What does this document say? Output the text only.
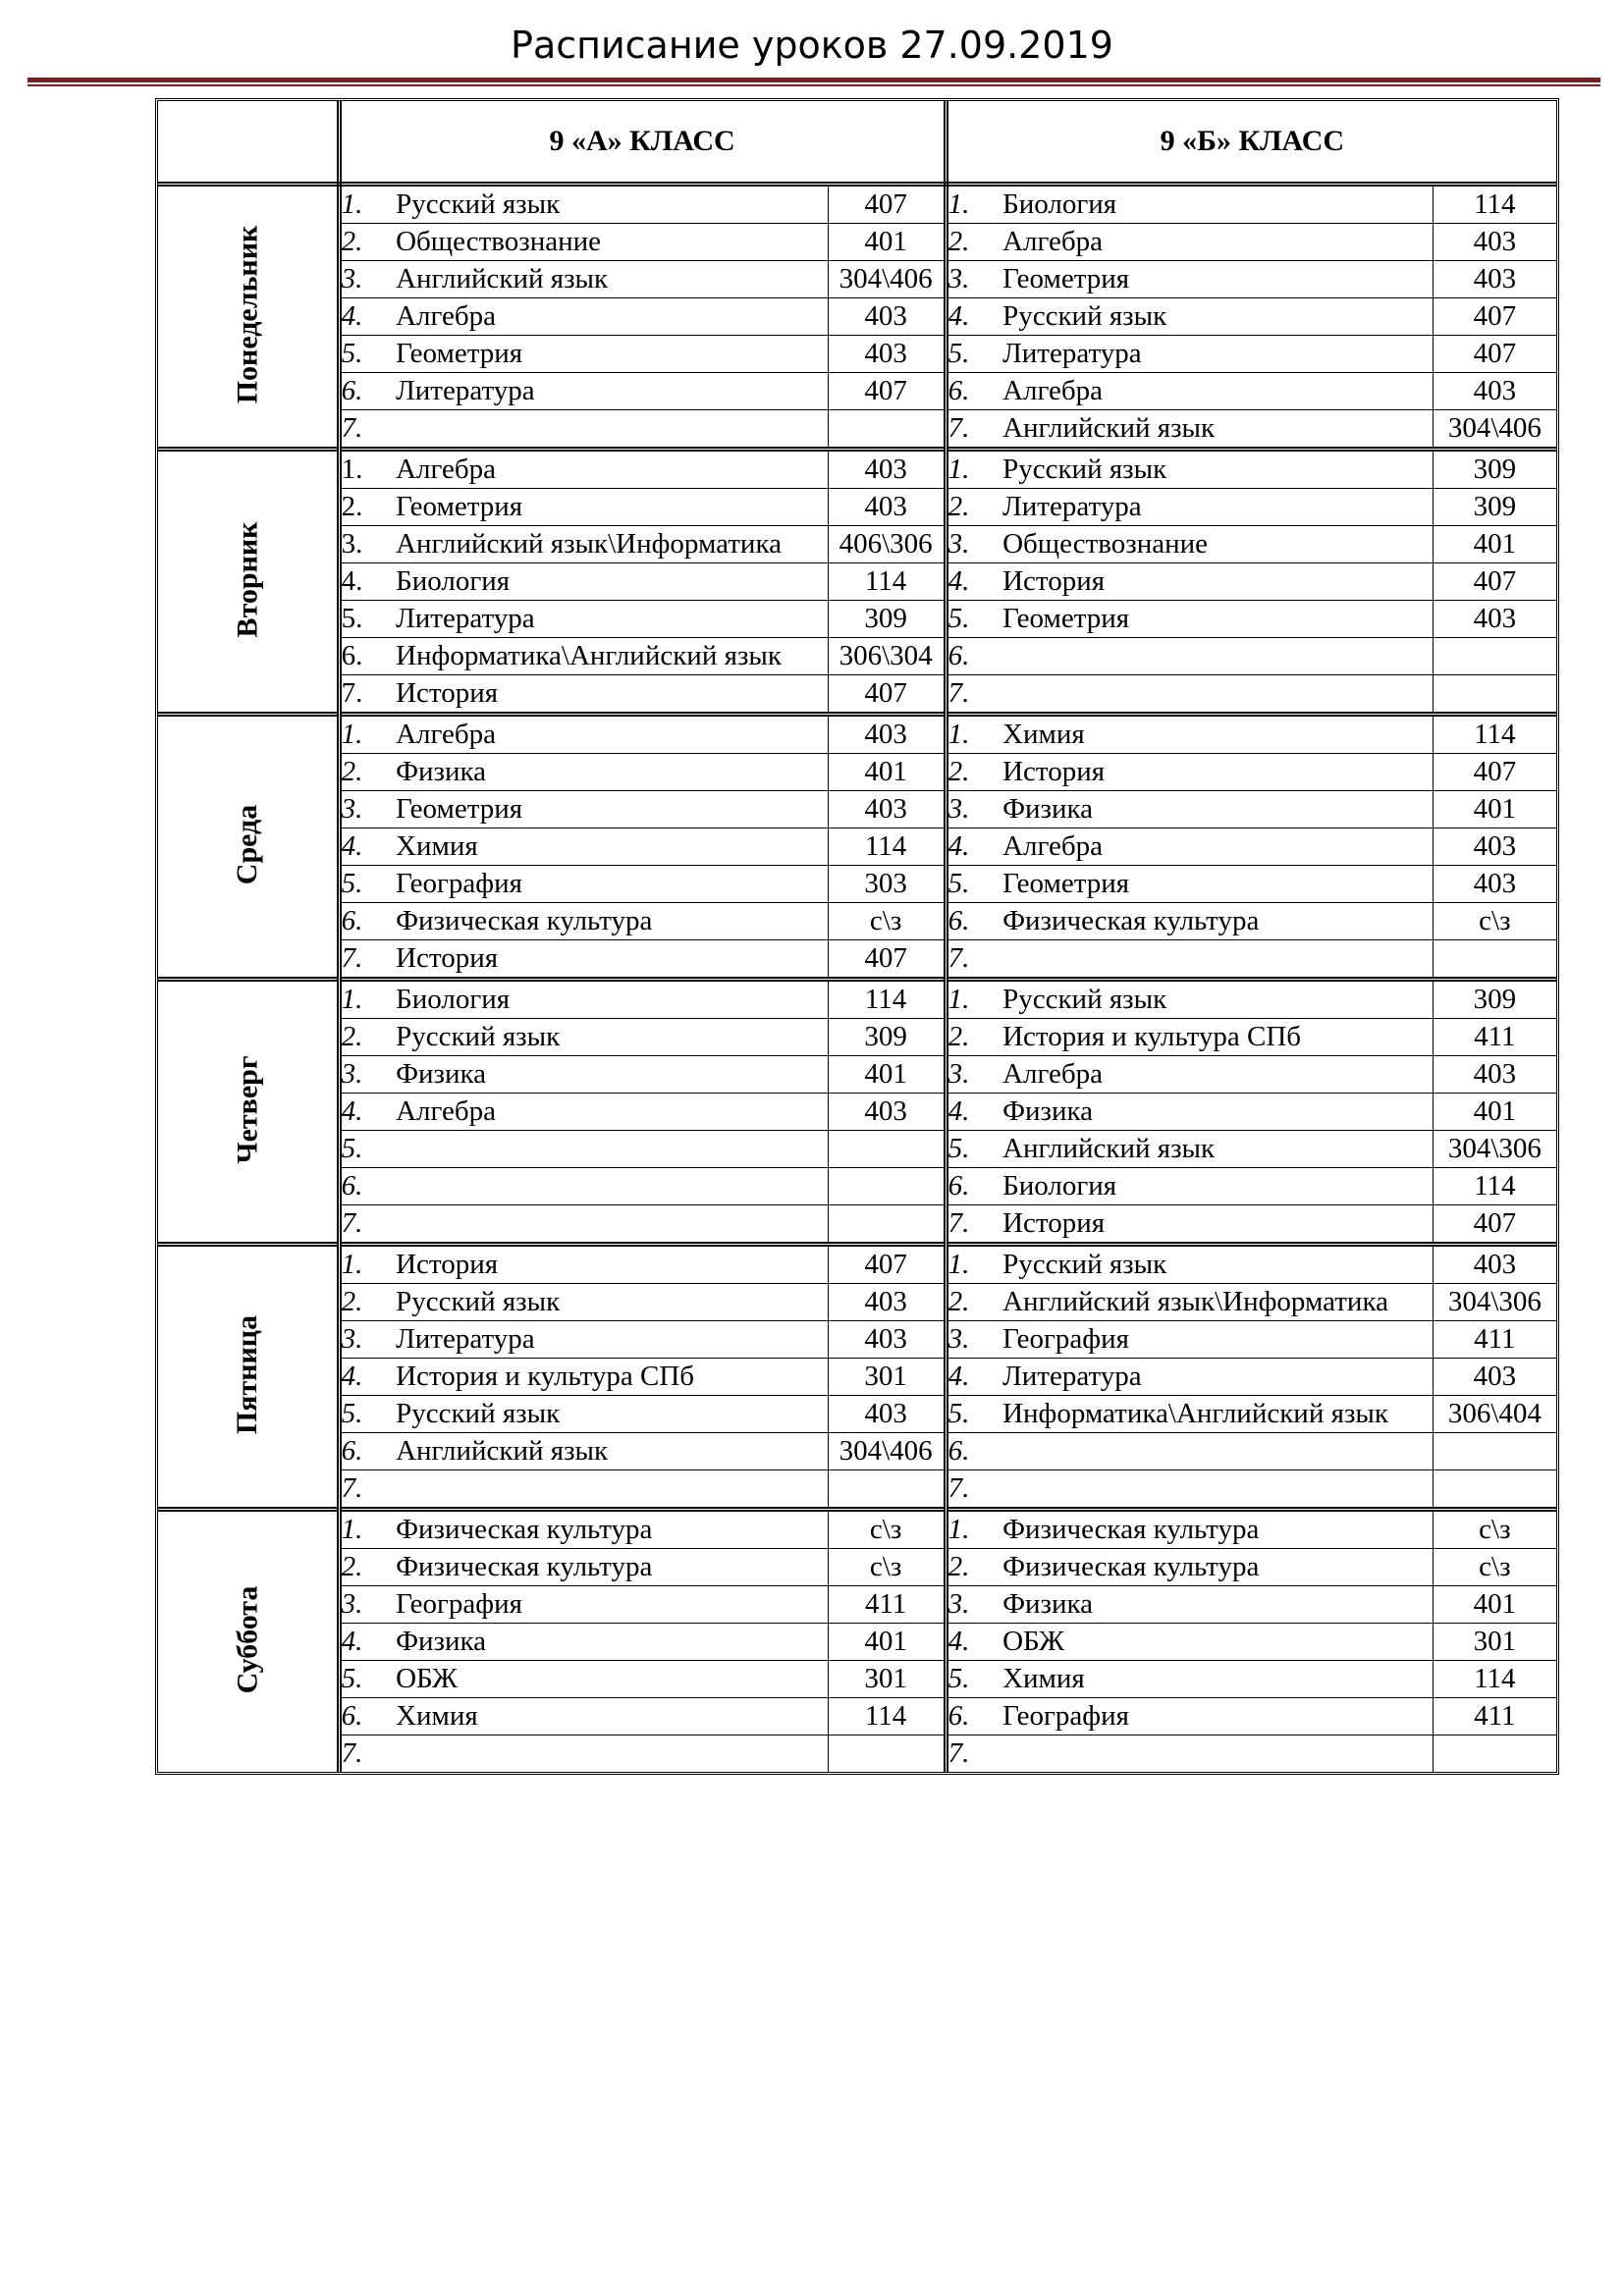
Расписание уроков 27.09.2019
	9 «А» КЛАСС			9 «Б» КЛАСС		
Понедельник	1.	Русский язык	407	1.	Биология	114
	2.	Обществознание	401	2.	Алгебра	403
	3.	Английский язык	304\406	3.	Геометрия	403
	4.	Алгебра	403	4.	Русский язык	407
	5.	Геометрия	403	5.	Литература	407
	6.	Литература	407	6.	Алгебра	403
	7.			7.	Английский язык	304\406
Вторник	1.	Алгебра	403	1.	Русский язык	309
	2.	Геометрия	403	2.	Литература	309
	3.	Английский язык\Информатика	406\306	3.	Обществознание	401
	4.	Биология	114	4.	История	407
	5.	Литература	309	5.	Геометрия	403
	6.	Информатика\Английский язык	306\304	6.		
	7.	История	407	7.		
Среда	1.	Алгебра	403	1.	Химия	114
	2.	Физика	401	2.	История	407
	3.	Геометрия	403	3.	Физика	401
	4.	Химия	114	4.	Алгебра	403
	5.	География	303	5.	Геометрия	403
	6.	Физическая культура	с\з	6.	Физическая культура	с\з
	7.	История	407	7.		
Четверг	1.	Биология	114	1.	Русский язык	309
	2.	Русский язык	309	2.	История и культура СПб	411
	3.	Физика	401	3.	Алгебра	403
	4.	Алгебра	403	4.	Физика	401
	5.			5.	Английский язык	304\306
	6.			6.	Биология	114
	7.			7.	История	407
Пятница	1.	История	407	1.	Русский язык	403
	2.	Русский язык	403	2.	Английский язык\Информатика	304\306
	3.	Литература	403	3.	География	411
	4.	История и культура СПб	301	4.	Литература	403
	5.	Русский язык	403	5.	Информатика\Английский язык	306\404
	6.	Английский язык	304\406	6.		
	7.			7.		
Суббота	1.	Физическая культура	с\з	1.	Физическая культура	с\з
	2.	Физическая культура	с\з	2.	Физическая культура	с\з
	3.	География	411	3.	Физика	401
	4.	Физика	401	4.	ОБЖ	301
	5.	ОБЖ	301	5.	Химия	114
	6.	Химия	114	6.	География	411
	7.			7.		
